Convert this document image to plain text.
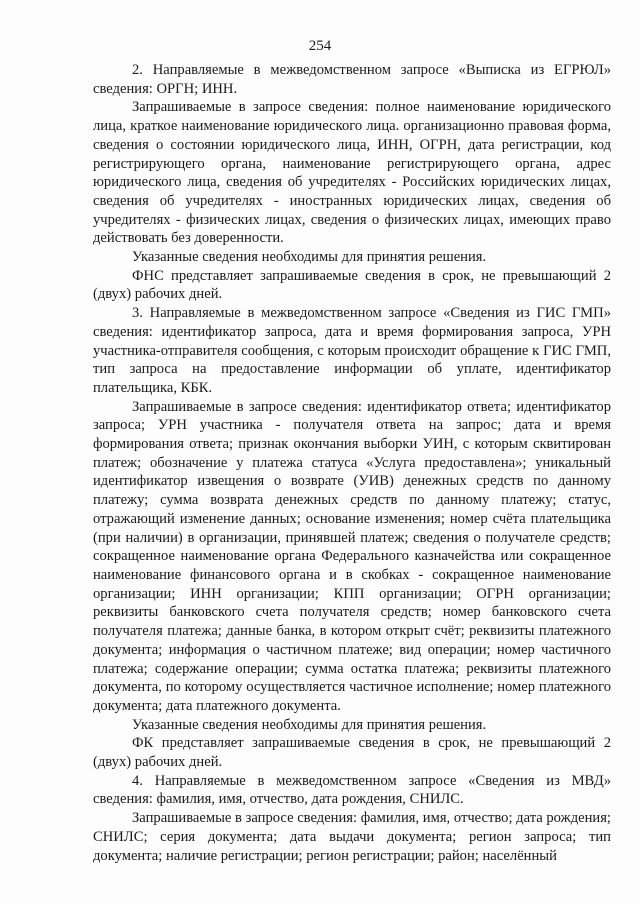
254

2. Направляемые в межведомственном запросе «Выписка из ЕГРЮЛ» сведения: ОРГН; ИНН.

Запрашиваемые в запросе сведения: полное наименование юридического лица, краткое наименование юридического лица. организационно правовая форма, сведения о состоянии юридического лица, ИНН, ОГРН, дата регистрации, код регистрирующего органа, наименование регистрирующего органа, адрес юридического лица, сведения об учредителях - Российских юридических лицах, сведения об учредителях - иностранных юридических лицах, сведения об учредителях - физических лицах, сведения о физических лицах, имеющих право действовать без доверенности.

Указанные сведения необходимы для принятия решения.

ФНС представляет запрашиваемые сведения в срок, не превышающий 2 (двух) рабочих дней.

3. Направляемые в межведомственном запросе «Сведения из ГИС ГМП» сведения: идентификатор запроса, дата и время формирования запроса, УРН участника-отправителя сообщения, с которым происходит обращение к ГИС ГМП, тип запроса на предоставление информации об уплате, идентификатор плательщика, КБК.

Запрашиваемые в запросе сведения: идентификатор ответа; идентификатор запроса; УРН участника - получателя ответа на запрос; дата и время формирования ответа; признак окончания выборки УИН, с которым сквитирован платеж; обозначение у платежа статуса «Услуга предоставлена»; уникальный идентификатор извещения о возврате (УИВ) денежных средств по данному платежу; сумма возврата денежных средств по данному платежу; статус, отражающий изменение данных; основание изменения; номер счёта плательщика (при наличии) в организации, принявшей платеж; сведения о получателе средств; сокращенное наименование органа Федерального казначейства или сокращенное наименование финансового органа и в скобках - сокращенное наименование организации; ИНН организации; КПП организации; ОГРН организации; реквизиты банковского счета получателя средств; номер банковского счета получателя платежа; данные банка, в котором открыт счёт; реквизиты платежного документа; информация о частичном платеже; вид операции; номер частичного платежа; содержание операции; сумма остатка платежа; реквизиты платежного документа, по которому осуществляется частичное исполнение; номер платежного документа; дата платежного документа.

Указанные сведения необходимы для принятия решения.

ФК представляет запрашиваемые сведения в срок, не превышающий 2 (двух) рабочих дней.

4. Направляемые в межведомственном запросе «Сведения из МВД» сведения: фамилия, имя, отчество, дата рождения, СНИЛС.

Запрашиваемые в запросе сведения: фамилия, имя, отчество; дата рождения; СНИЛС; серия документа; дата выдачи документа; регион запроса; тип документа; наличие регистрации; регион регистрации; район; населённый
